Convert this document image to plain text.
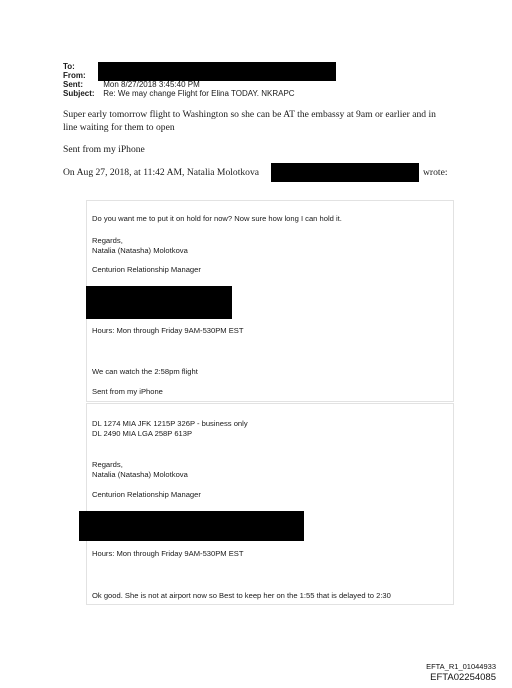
To:
From:
Sent:	Mon 8/27/2018 3:45:40 PM
Subject: Re: We may change Flight for Elina TODAY. NKRAPC
Super early tomorrow flight to Washington so she can be AT the embassy at 9am or earlier and in
line waiting for them to open
Sent from my iPhone
On Aug 27, 2018, at 11:42 AM, Natalia Molotkova	wrote:
Do you want me to put it on hold for now? Now sure how long I can hold it.
Regards,
Natalia (Natasha) Molotkova
Centurion Relationship Manager
Hours: Mon through Friday 9AM-530PM EST
We can watch the 2:58pm flight
Sent from my iPhone
DL 1274 MIA JFK 1215P 326P - business only
DL 2490 MIA LGA 258P 613P
Regards,
Natalia (Natasha) Molotkova
Centurion Relationship Manager
Hours: Mon through Friday 9AM-530PM EST
Ok good. She is not at airport now so Best to keep her on the 1:55 that is delayed to 2:30
EFTA_R1_01044933
EFTA02254085
